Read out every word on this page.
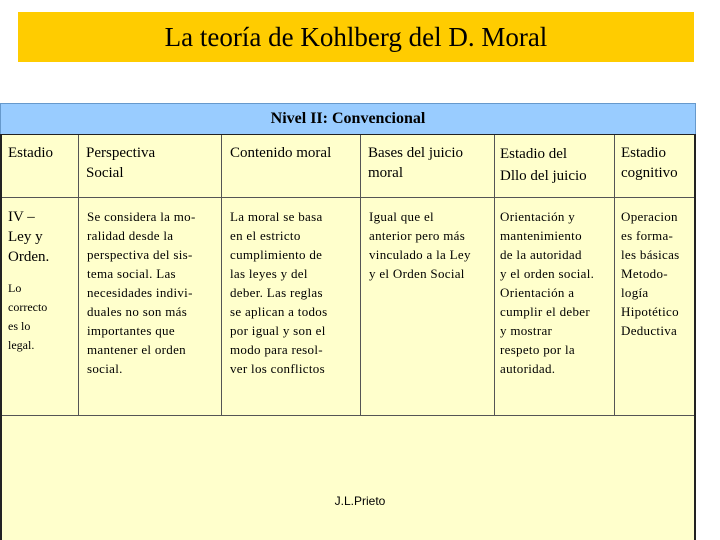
La teoría de Kohlberg del D. Moral
Nivel II: Convencional
Estadio Perspectiva
Social
Contenido moral Bases del juicio
moral
Estadio del
Dllo del juicio
Estadio
cognitivo
IV –
Ley y
Orden.
Lo
correcto
es lo
legal.
Se considera la mo-
ralidad desde la
perspectiva del sis-
tema social. Las
necesidades indivi-
duales no son más
importantes que
mantener el orden
social.
La moral se basa
en el estricto
cumplimiento de
las leyes y del
deber. Las reglas
se aplican a todos
por igual y son el
modo para resol-
ver los conflictos
Igual que el
anterior pero más
vinculado a la Ley
y el Orden Social
Orientación y
mantenimiento
de la autoridad
y el orden social.
Orientación a
cumplir el deber
y mostrar
respeto por la
autoridad.
Operacion
es forma-
les básicas
Metodo-
logía
Hipotético
Deductiva
J.L.Prieto
